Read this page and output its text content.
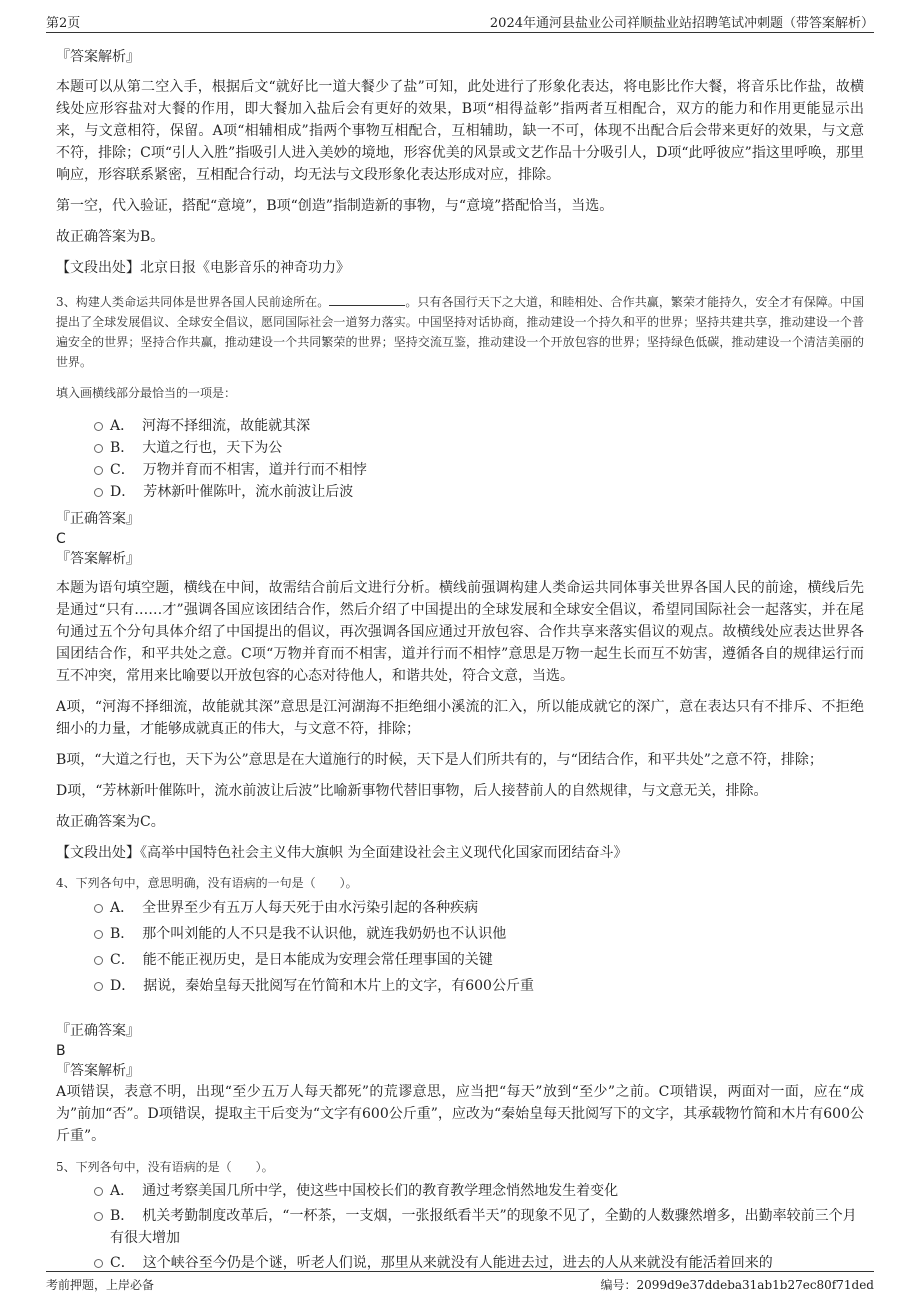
第2页	2024年通河县盐业公司祥顺盐业站招聘笔试冲刺题（带答案解析）

『答案解析』

本题可以从第二空入手，根据后文“就好比一道大餐少了盐”可知，此处进行了形象化表达，将电影比作大餐，将音乐比作盐，故横线处应形容盐对大餐的作用，即大餐加入盐后会有更好的效果，B项“相得益彰”指两者互相配合，双方的能力和作用更能显示出来，与文意相符，保留。A项“相辅相成”指两个事物互相配合，互相辅助，缺一不可，体现不出配合后会带来更好的效果，与文意不符，排除；C项“引人入胜”指吸引人进入美妙的境地，形容优美的风景或文艺作品十分吸引人，D项“此呼彼应”指这里呼唤，那里响应，形容联系紧密，互相配合行动，均无法与文段形象化表达形成对应，排除。

第一空，代入验证，搭配“意境”，B项“创造”指制造新的事物，与“意境”搭配恰当，当选。

故正确答案为B。

【文段出处】北京日报《电影音乐的神奇功力》

3、构建人类命运共同体是世界各国人民前途所在。	。只有各国行天下之大道，和睦相处、合作共赢，繁荣才能持久，安全才有保障。中国提出了全球发展倡议、全球安全倡议，愿同国际社会一道努力落实。中国坚持对话协商，推动建设一个持久和平的世界；坚持共建共享，推动建设一个普遍安全的世界；坚持合作共赢，推动建设一个共同繁荣的世界；坚持交流互鉴，推动建设一个开放包容的世界；坚持绿色低碳，推动建设一个清洁美丽的世界。

填入画横线部分最恰当的一项是：

A． 河海不择细流，故能就其深
B． 大道之行也，天下为公
C． 万物并育而不相害，道并行而不相悖
D． 芳林新叶催陈叶，流水前波让后波

『正确答案』

C

『答案解析』

本题为语句填空题，横线在中间，故需结合前后文进行分析。横线前强调构建人类命运共同体事关世界各国人民的前途，横线后先是通过“只有……才”强调各国应该团结合作，然后介绍了中国提出的全球发展和全球安全倡议，希望同国际社会一起落实，并在尾句通过五个分句具体介绍了中国提出的倡议，再次强调各国应通过开放包容、合作共享来落实倡议的观点。故横线处应表达世界各国团结合作，和平共处之意。C项“万物并育而不相害，道并行而不相悖”意思是万物一起生长而互不妨害，遵循各自的规律运行而互不冲突，常用来比喻要以开放包容的心态对待他人，和谐共处，符合文意，当选。

A项，“河海不择细流，故能就其深”意思是江河湖海不拒绝细小溪流的汇入，所以能成就它的深广，意在表达只有不排斥、不拒绝细小的力量，才能够成就真正的伟大，与文意不符，排除；

B项，“大道之行也，天下为公”意思是在大道施行的时候，天下是人们所共有的，与“团结合作，和平共处”之意不符，排除；

D项，“芳林新叶催陈叶，流水前波让后波”比喻新事物代替旧事物，后人接替前人的自然规律，与文意无关，排除。

故正确答案为C。

【文段出处】《高举中国特色社会主义伟大旗帜 为全面建设社会主义现代化国家而团结奋斗》

4、下列各句中，意思明确，没有语病的一句是（　　）。

A． 全世界至少有五万人每天死于由水污染引起的各种疾病
B． 那个叫刘能的人不只是我不认识他，就连我奶奶也不认识他
C． 能不能正视历史，是日本能成为安理会常任理事国的关键
D． 据说，秦始皇每天批阅写在竹简和木片上的文字，有600公斤重

『正确答案』

B

『答案解析』

A项错误，表意不明，出现“至少五万人每天都死”的荒谬意思，应当把“每天”放到“至少”之前。C项错误，两面对一面，应在“成为”前加“否”。D项错误，提取主干后变为“文字有600公斤重”，应改为“秦始皇每天批阅写下的文字，其承载物竹简和木片有600公斤重”。

5、下列各句中，没有语病的是（　　）。

A． 通过考察美国几所中学，使这些中国校长们的教育教学理念悄然地发生着变化
B． 机关考勤制度改革后，“一杯茶，一支烟，一张报纸看半天”的现象不见了，全勤的人数骤然增多，出勤率较前三个月有很大增加
C． 这个峡谷至今仍是个谜，听老人们说，那里从来就没有人能进去过，进去的人从来就没有能活着回来的
考前押题，上岸必备	编号：2099d9e37ddeba31ab1b27ec80f71ded
